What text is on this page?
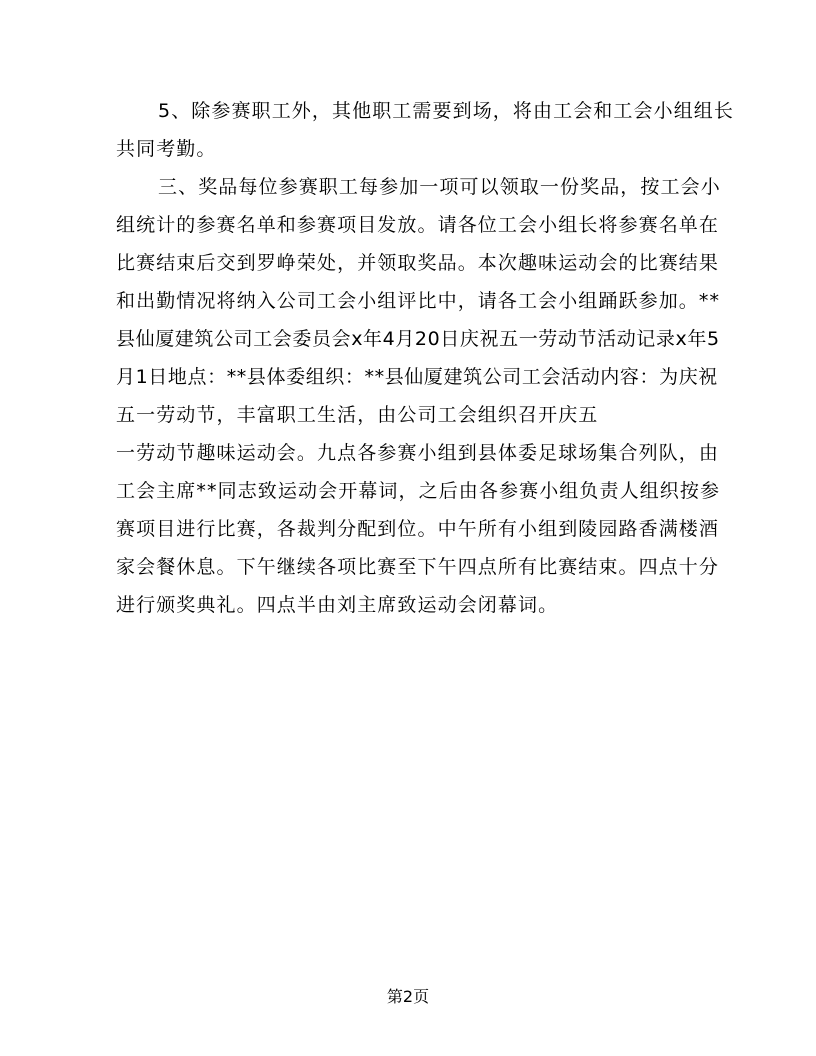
5、除参赛职工外，其他职工需要到场，将由工会和工会小组组长
共同考勤。
三、奖品每位参赛职工每参加一项可以领取一份奖品，按工会小
组统计的参赛名单和参赛项目发放。请各位工会小组长将参赛名单在
比赛结束后交到罗峥荣处，并领取奖品。本次趣味运动会的比赛结果
和出勤情况将纳入公司工会小组评比中，请各工会小组踊跃参加。**
县仙厦建筑公司工会委员会x年4月20日庆祝五一劳动节活动记录x年5
月1日地点：**县体委组织：**县仙厦建筑公司工会活动内容：为庆祝
五一劳动节，丰富职工生活，由公司工会组织召开庆五
一劳动节趣味运动会。九点各参赛小组到县体委足球场集合列队，由
工会主席**同志致运动会开幕词，之后由各参赛小组负责人组织按参
赛项目进行比赛，各裁判分配到位。中午所有小组到陵园路香满楼酒
家会餐休息。下午继续各项比赛至下午四点所有比赛结束。四点十分
进行颁奖典礼。四点半由刘主席致运动会闭幕词。
第2页
